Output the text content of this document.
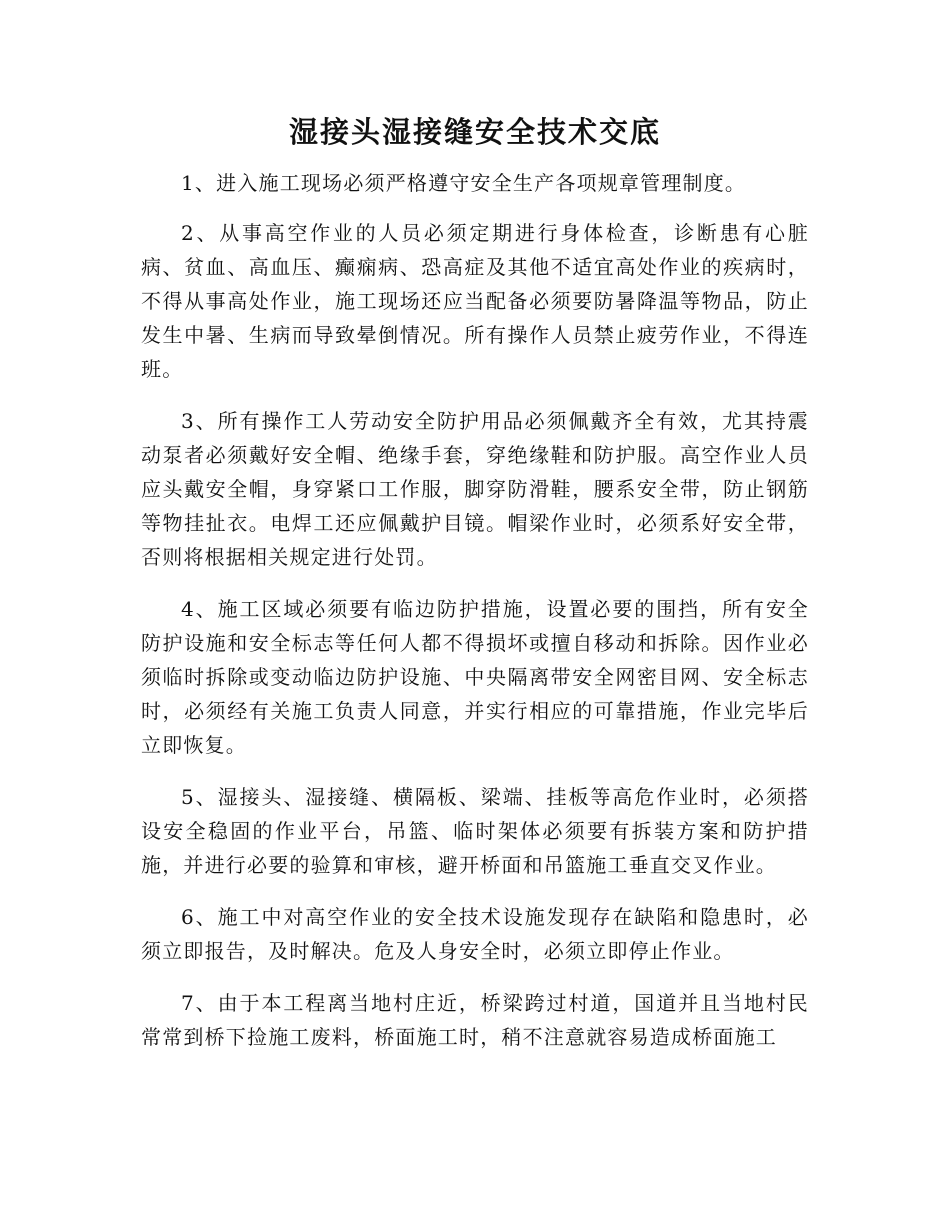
湿接头湿接缝安全技术交底

1、进入施工现场必须严格遵守安全生产各项规章管理制度。

2、从事高空作业的人员必须定期进行身体检查，诊断患有心脏病、贫血、高血压、癫痫病、恐高症及其他不适宜高处作业的疾病时，不得从事高处作业，施工现场还应当配备必须要防暑降温等物品，防止发生中暑、生病而导致晕倒情况。所有操作人员禁止疲劳作业，不得连班。

3、所有操作工人劳动安全防护用品必须佩戴齐全有效，尤其持震动泵者必须戴好安全帽、绝缘手套，穿绝缘鞋和防护服。高空作业人员应头戴安全帽，身穿紧口工作服，脚穿防滑鞋，腰系安全带，防止钢筋等物挂扯衣。电焊工还应佩戴护目镜。帽梁作业时，必须系好安全带，否则将根据相关规定进行处罚。

4、施工区域必须要有临边防护措施，设置必要的围挡，所有安全防护设施和安全标志等任何人都不得损坏或擅自移动和拆除。因作业必须临时拆除或变动临边防护设施、中央隔离带安全网密目网、安全标志时，必须经有关施工负责人同意，并实行相应的可靠措施，作业完毕后立即恢复。

5、湿接头、湿接缝、横隔板、梁端、挂板等高危作业时，必须搭设安全稳固的作业平台，吊篮、临时架体必须要有拆装方案和防护措施，并进行必要的验算和审核，避开桥面和吊篮施工垂直交叉作业。

6、施工中对高空作业的安全技术设施发现存在缺陷和隐患时，必须立即报告，及时解决。危及人身安全时，必须立即停止作业。

7、由于本工程离当地村庄近，桥梁跨过村道，国道并且当地村民常常到桥下捡施工废料，桥面施工时，稍不注意就容易造成桥面施工
